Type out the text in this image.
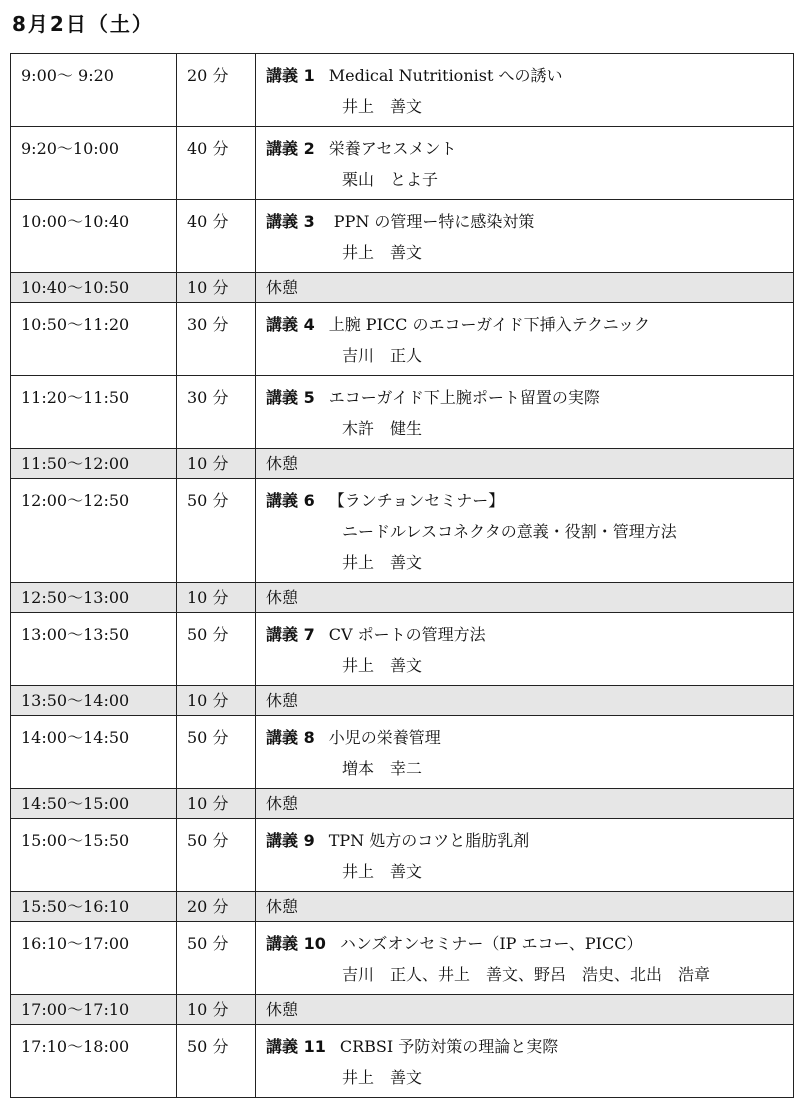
8月2日（土）
9:00～ 9:20	20 分	講義 1 Medical Nutritionist への誘い
井上　善文

9:20～10:00	40 分	講義 2 栄養アセスメント
栗山　とよ子

10:00～10:40	40 分	講義 3 PPN の管理ー特に感染対策
井上　善文

10:40～10:50	10 分	休憩

10:50～11:20	30 分	講義 4 上腕 PICC のエコーガイド下挿入テクニック
吉川　正人

11:20～11:50	30 分	講義 5 エコーガイド下上腕ポート留置の実際
木許　健生

11:50～12:00	10 分	休憩

12:00～12:50	50 分	講義 6 【ランチョンセミナー】
ニードルレスコネクタの意義・役割・管理方法
井上　善文

12:50～13:00	10 分	休憩

13:00～13:50	50 分	講義 7 CV ポートの管理方法
井上　善文

13:50～14:00	10 分	休憩

14:00～14:50	50 分	講義 8 小児の栄養管理
増本　幸二

14:50～15:00	10 分	休憩

15:00～15:50	50 分	講義 9 TPN 処方のコツと脂肪乳剤
井上　善文

15:50～16:10	20 分	休憩

16:10～17:00	50 分	講義 10 ハンズオンセミナー（IP エコー、PICC）
吉川　正人、井上　善文、野呂　浩史、北出　浩章

17:00～17:10	10 分	休憩

17:10～18:00	50 分	講義 11 CRBSI 予防対策の理論と実際
井上　善文
